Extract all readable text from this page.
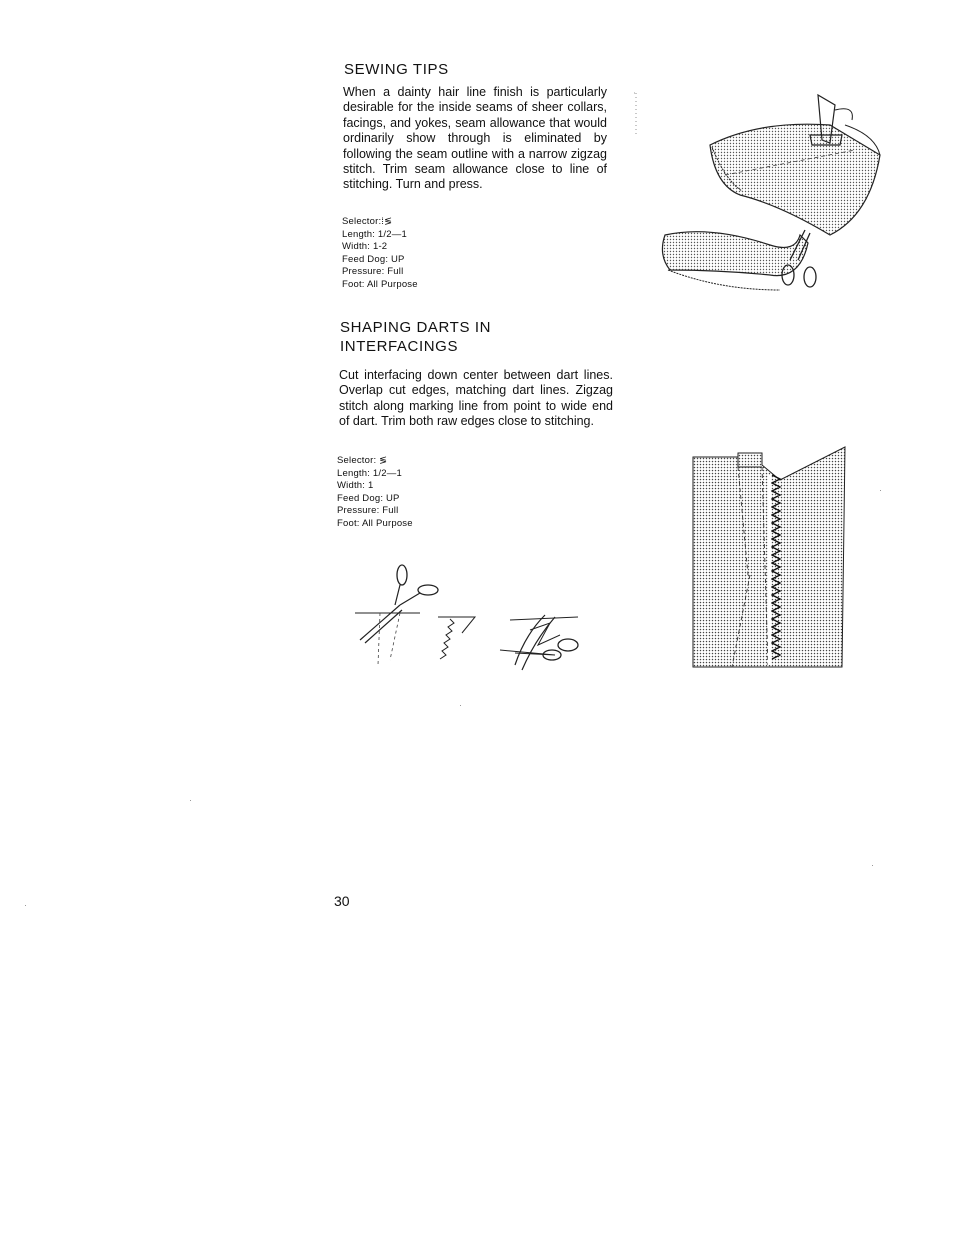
SEWING TIPS

When a dainty hair line finish is particularly desirable for the inside seams of sheer collars, facings, and yokes, seam allowance that would ordinarily show through is eliminated by following the seam outline with a narrow zigzag stitch. Trim seam allowance close to line of stitching. Turn and press.

Selector:⁞≶
Length: 1/2—1
Width: 1-2
Feed Dog: UP
Pressure: Full
Foot: All Purpose
SHAPING DARTS IN
INTERFACINGS

Cut interfacing down center between dart lines. Overlap cut edges, matching dart lines. Zigzag stitch along marking line from point to wide end of dart. Trim both raw edges close to stitching.

Selector: ≶
Length: 1/2—1
Width: 1
Feed Dog: UP
Pressure: Full
Foot: All Purpose

30
